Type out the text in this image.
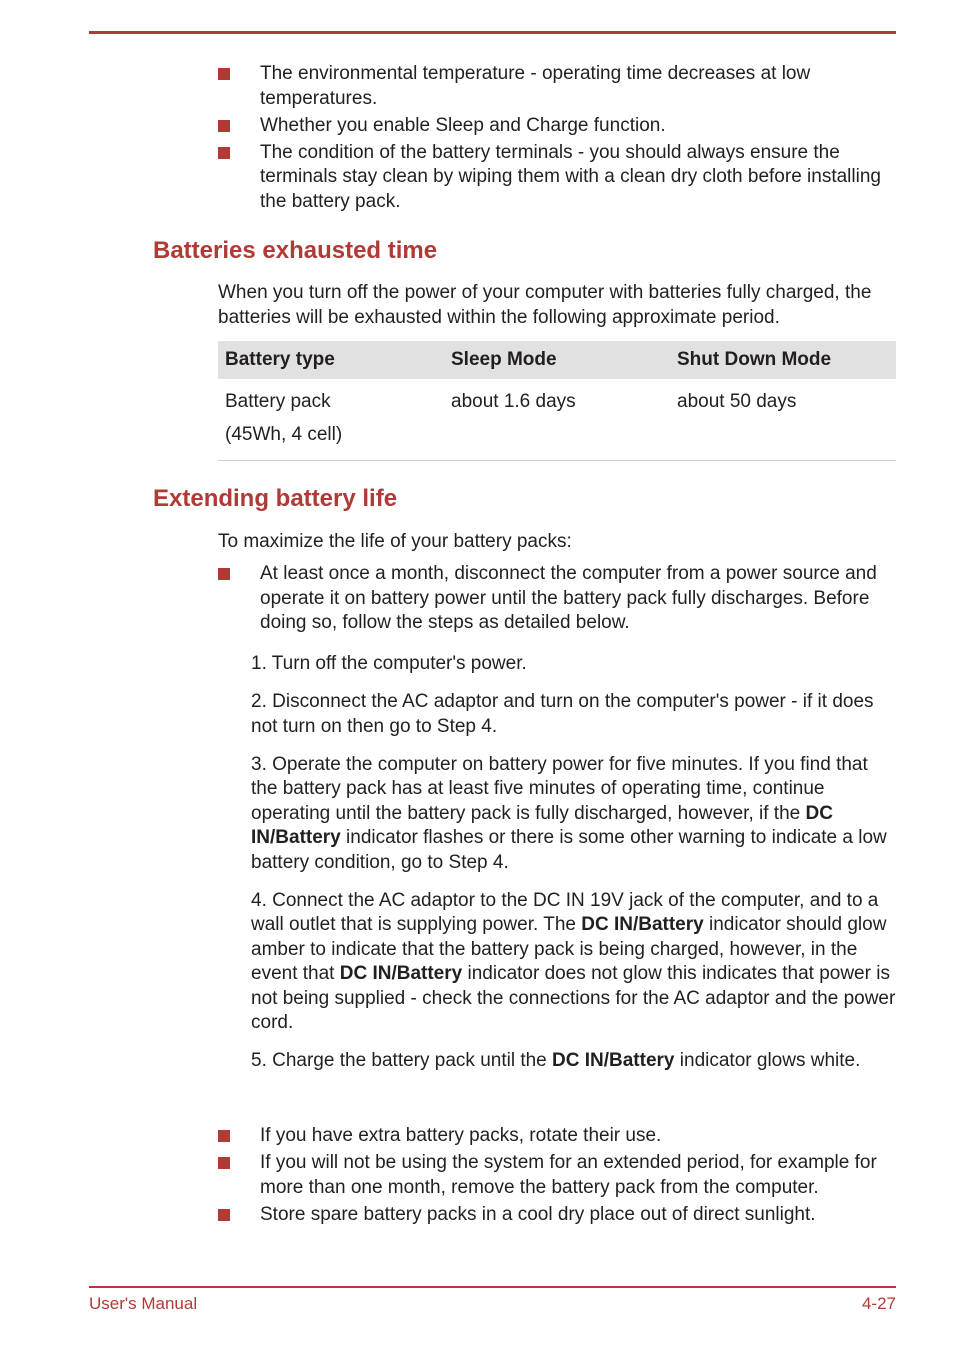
The environmental temperature - operating time decreases at low temperatures.
Whether you enable Sleep and Charge function.
The condition of the battery terminals - you should always ensure the terminals stay clean by wiping them with a clean dry cloth before installing the battery pack.
Batteries exhausted time

When you turn off the power of your computer with batteries fully charged, the batteries will be exhausted within the following approximate period.

Battery type	Sleep Mode	Shut Down Mode

Battery pack
(45Wh, 4 cell)	about 1.6 days	about 50 days
Extending battery life

To maximize the life of your battery packs:

At least once a month, disconnect the computer from a power source and operate it on battery power until the battery pack fully discharges. Before doing so, follow the steps as detailed below.
1. Turn off the computer's power.
2. Disconnect the AC adaptor and turn on the computer's power - if it does not turn on then go to Step 4.
3. Operate the computer on battery power for five minutes. If you find that the battery pack has at least five minutes of operating time, continue operating until the battery pack is fully discharged, however, if the DC IN/Battery indicator flashes or there is some other warning to indicate a low battery condition, go to Step 4.
4. Connect the AC adaptor to the DC IN 19V jack of the computer, and to a wall outlet that is supplying power. The DC IN/Battery indicator should glow amber to indicate that the battery pack is being charged, however, in the event that DC IN/Battery indicator does not glow this indicates that power is not being supplied - check the connections for the AC adaptor and the power cord.
5. Charge the battery pack until the DC IN/Battery indicator glows white.
If you have extra battery packs, rotate their use.
If you will not be using the system for an extended period, for example for more than one month, remove the battery pack from the computer.
Store spare battery packs in a cool dry place out of direct sunlight.
User's Manual	4-27
